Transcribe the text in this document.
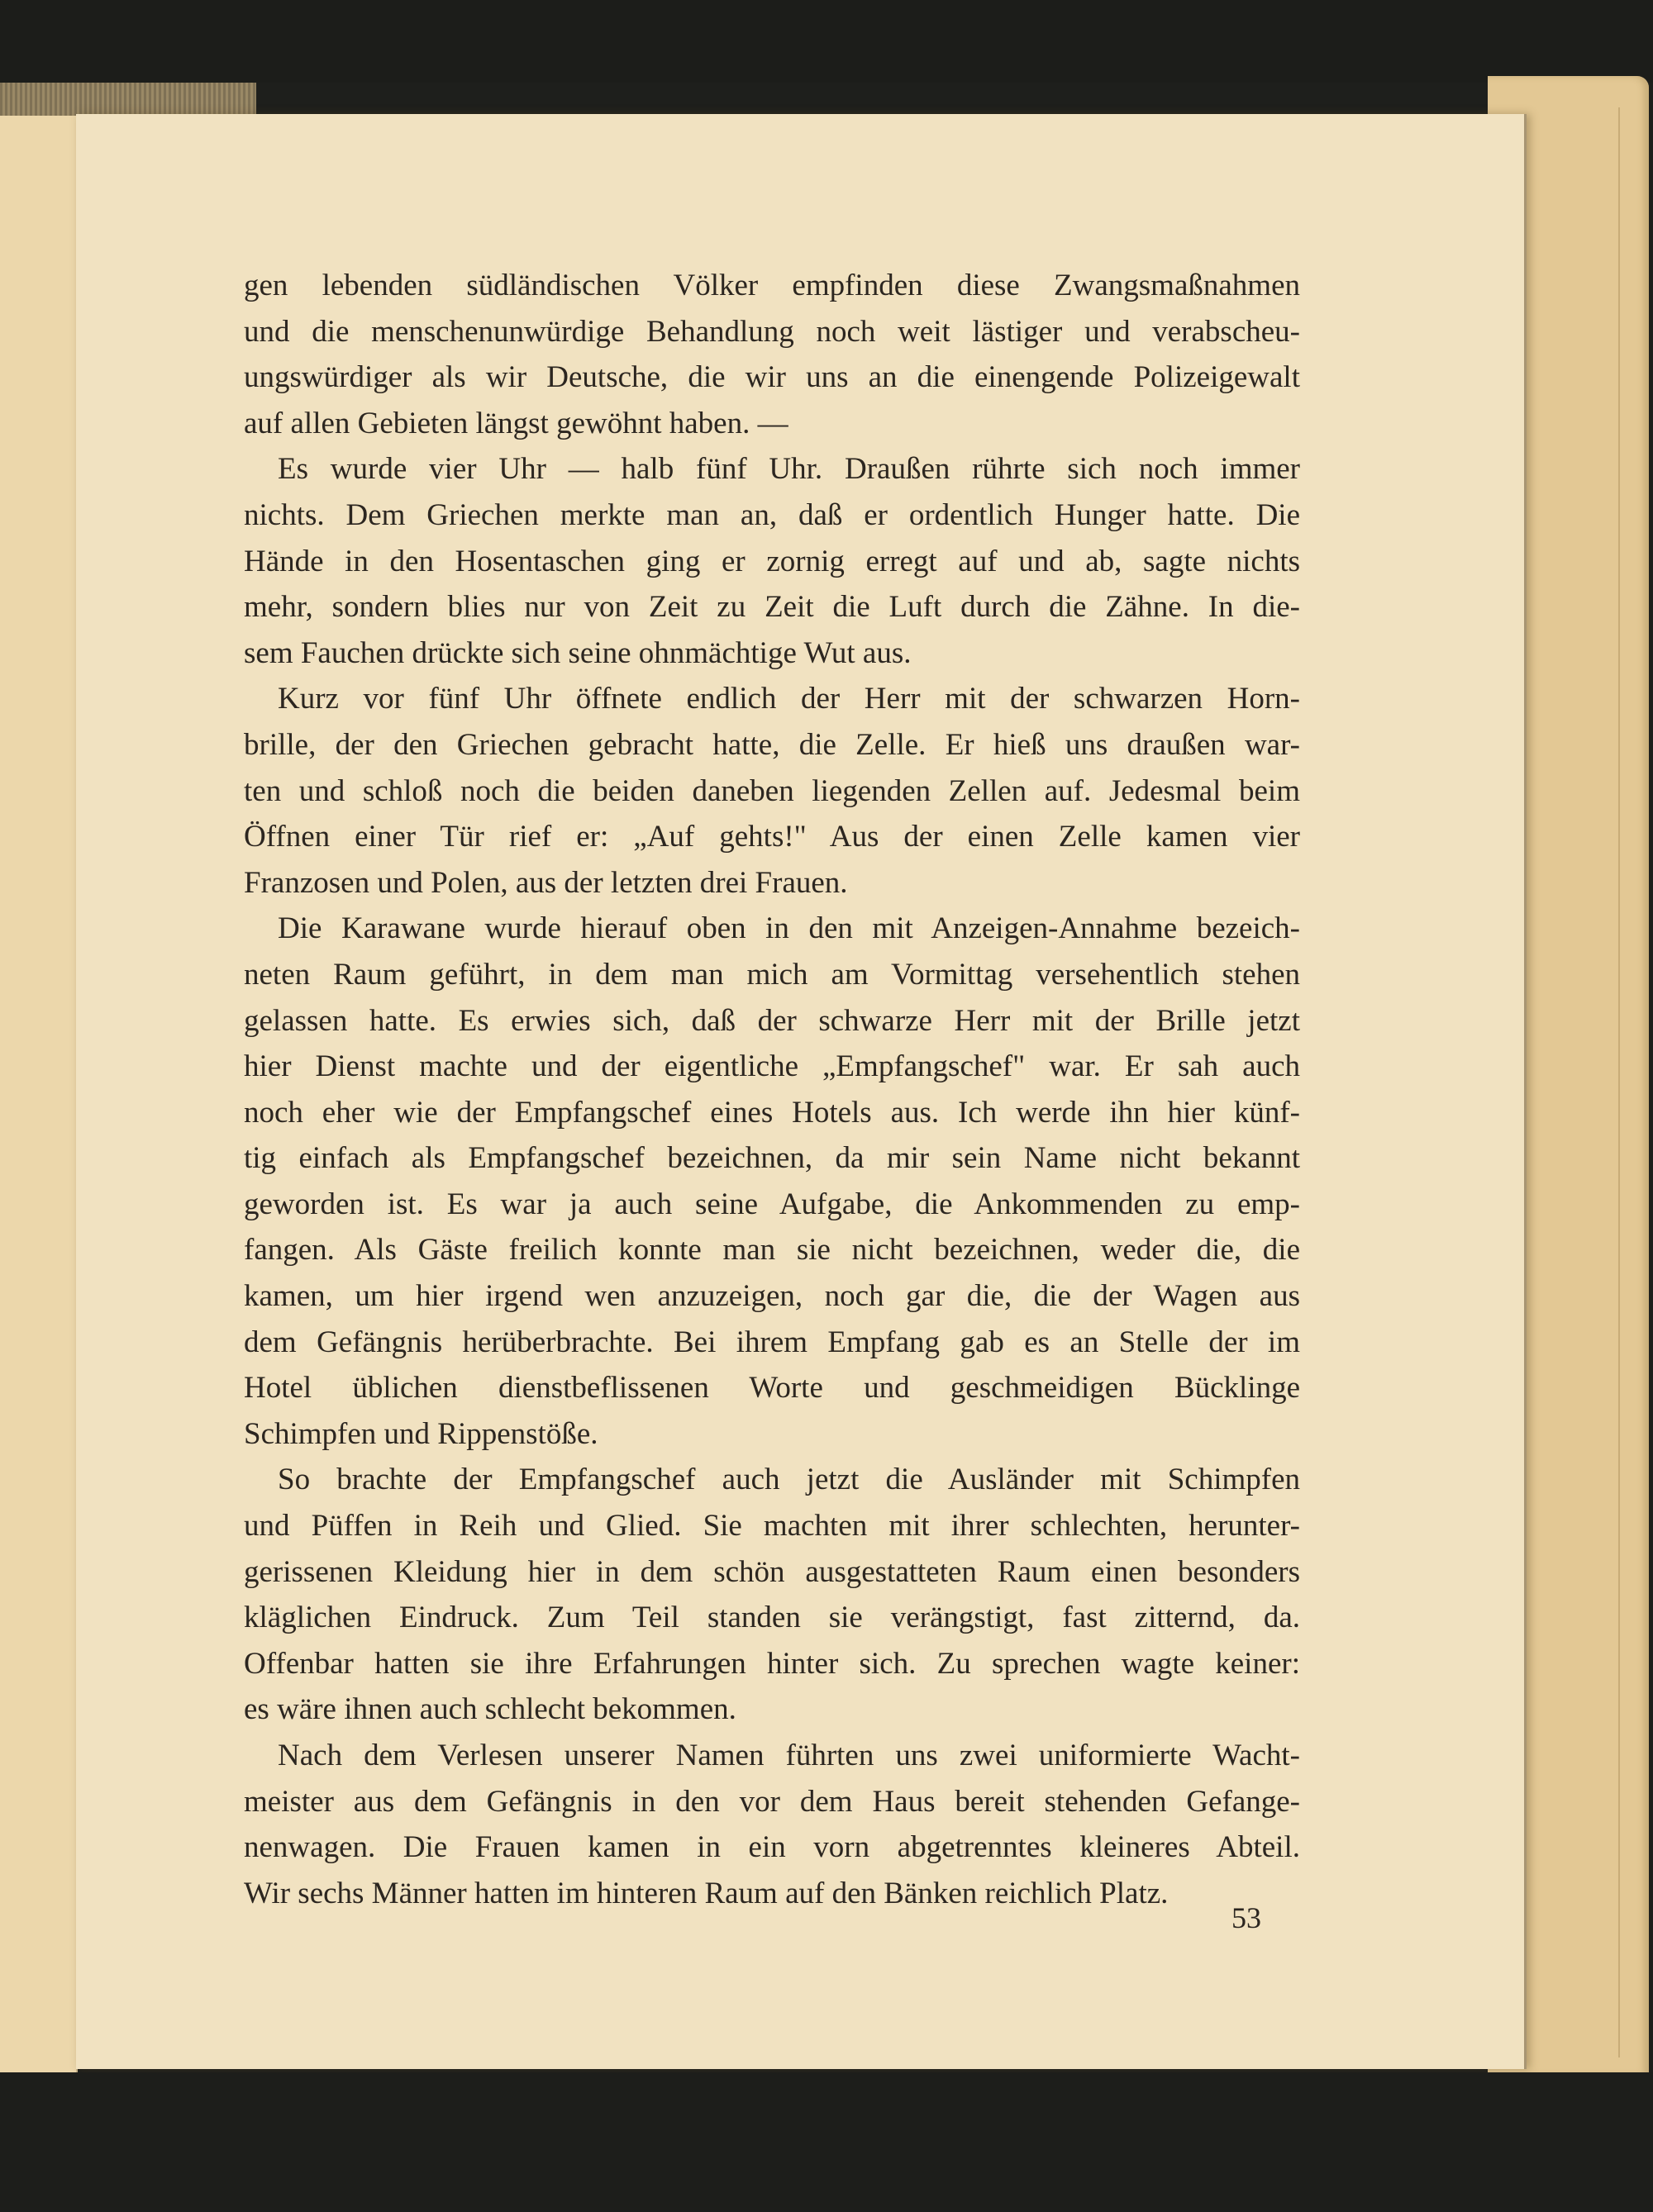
gen lebenden südländischen Völker empfinden diese Zwangsmaßnahmen
und die menschenunwürdige Behandlung noch weit lästiger und verabscheu-
ungswürdiger als wir Deutsche, die wir uns an die einengende Polizeigewalt
auf allen Gebieten längst gewöhnt haben. —
Es wurde vier Uhr — halb fünf Uhr. Draußen rührte sich noch immer
nichts. Dem Griechen merkte man an, daß er ordentlich Hunger hatte. Die
Hände in den Hosentaschen ging er zornig erregt auf und ab, sagte nichts
mehr, sondern blies nur von Zeit zu Zeit die Luft durch die Zähne. In die-
sem Fauchen drückte sich seine ohnmächtige Wut aus.
Kurz vor fünf Uhr öffnete endlich der Herr mit der schwarzen Horn-
brille, der den Griechen gebracht hatte, die Zelle. Er hieß uns draußen war-
ten und schloß noch die beiden daneben liegenden Zellen auf. Jedesmal beim
Öffnen einer Tür rief er: „Auf gehts!" Aus der einen Zelle kamen vier
Franzosen und Polen, aus der letzten drei Frauen.
Die Karawane wurde hierauf oben in den mit Anzeigen-Annahme bezeich-
neten Raum geführt, in dem man mich am Vormittag versehentlich stehen
gelassen hatte. Es erwies sich, daß der schwarze Herr mit der Brille jetzt
hier Dienst machte und der eigentliche „Empfangschef" war. Er sah auch
noch eher wie der Empfangschef eines Hotels aus. Ich werde ihn hier künf-
tig einfach als Empfangschef bezeichnen, da mir sein Name nicht bekannt
geworden ist. Es war ja auch seine Aufgabe, die Ankommenden zu emp-
fangen. Als Gäste freilich konnte man sie nicht bezeichnen, weder die, die
kamen, um hier irgend wen anzuzeigen, noch gar die, die der Wagen aus
dem Gefängnis herüberbrachte. Bei ihrem Empfang gab es an Stelle der im
Hotel üblichen dienstbeflissenen Worte und geschmeidigen Bücklinge
Schimpfen und Rippenstöße.
So brachte der Empfangschef auch jetzt die Ausländer mit Schimpfen
und Püffen in Reih und Glied. Sie machten mit ihrer schlechten, herunter-
gerissenen Kleidung hier in dem schön ausgestatteten Raum einen besonders
kläglichen Eindruck. Zum Teil standen sie verängstigt, fast zitternd, da.
Offenbar hatten sie ihre Erfahrungen hinter sich. Zu sprechen wagte keiner:
es wäre ihnen auch schlecht bekommen.
Nach dem Verlesen unserer Namen führten uns zwei uniformierte Wacht-
meister aus dem Gefängnis in den vor dem Haus bereit stehenden Gefange-
nenwagen. Die Frauen kamen in ein vorn abgetrenntes kleineres Abteil.
Wir sechs Männer hatten im hinteren Raum auf den Bänken reichlich Platz.
53
